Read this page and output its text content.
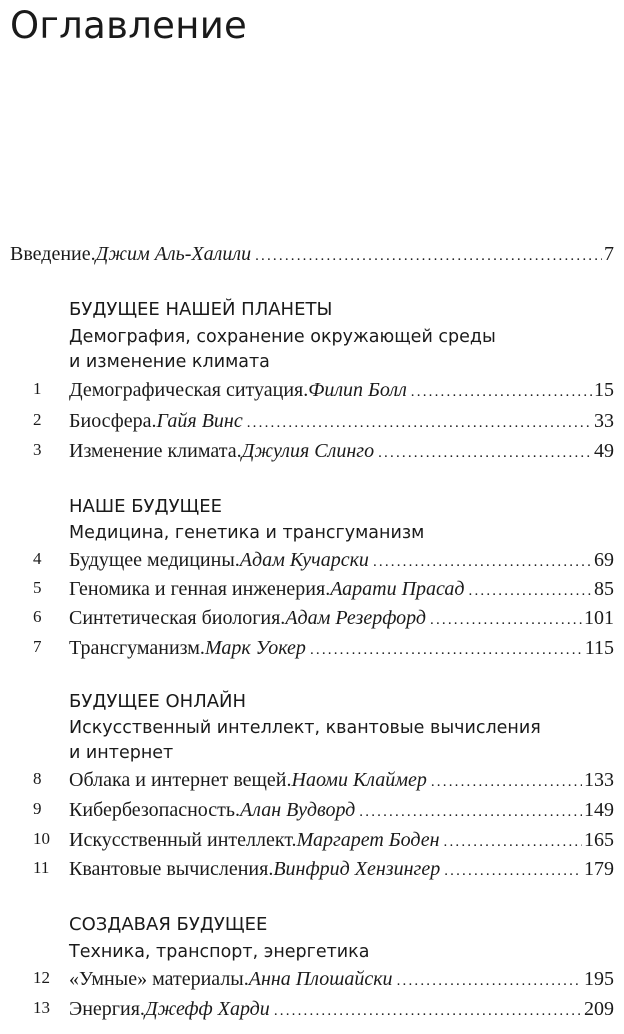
Оглавление
Введение. Джим Аль-Халили .....	7
БУДУЩЕЕ НАШЕЙ ПЛАНЕТЫ
Демография, сохранение окружающей среды
и изменение климата
1	Демографическая ситуация. Филип Болл .....	15
2	Биосфера. Гайя Винс .....	33
3	Изменение климата. Джулия Слинго .....	49
НАШЕ БУДУЩЕЕ
Медицина, генетика и трансгуманизм
4	Будущее медицины. Адам Кучарски .....	69
5	Геномика и генная инженерия. Аарати Прасад .....	85
6	Синтетическая биология. Адам Резерфорд .....	101
7	Трансгуманизм. Марк Уокер .....	115
БУДУЩЕЕ ОНЛАЙН
Искусственный интеллект, квантовые вычисления
и интернет
8	Облака и интернет вещей. Наоми Клаймер .....	133
9	Кибербезопасность. Алан Вудворд .....	149
10 Искусственный интеллект. Маргарет Боден .....	165
11 Квантовые вычисления. Винфрид Хензингер .....	179
СОЗДАВАЯ БУДУЩЕЕ
Техника, транспорт, энергетика
12 «Умные» материалы. Анна Плошайски .....	195
13 Энергия. Джефф Харди .....	209
